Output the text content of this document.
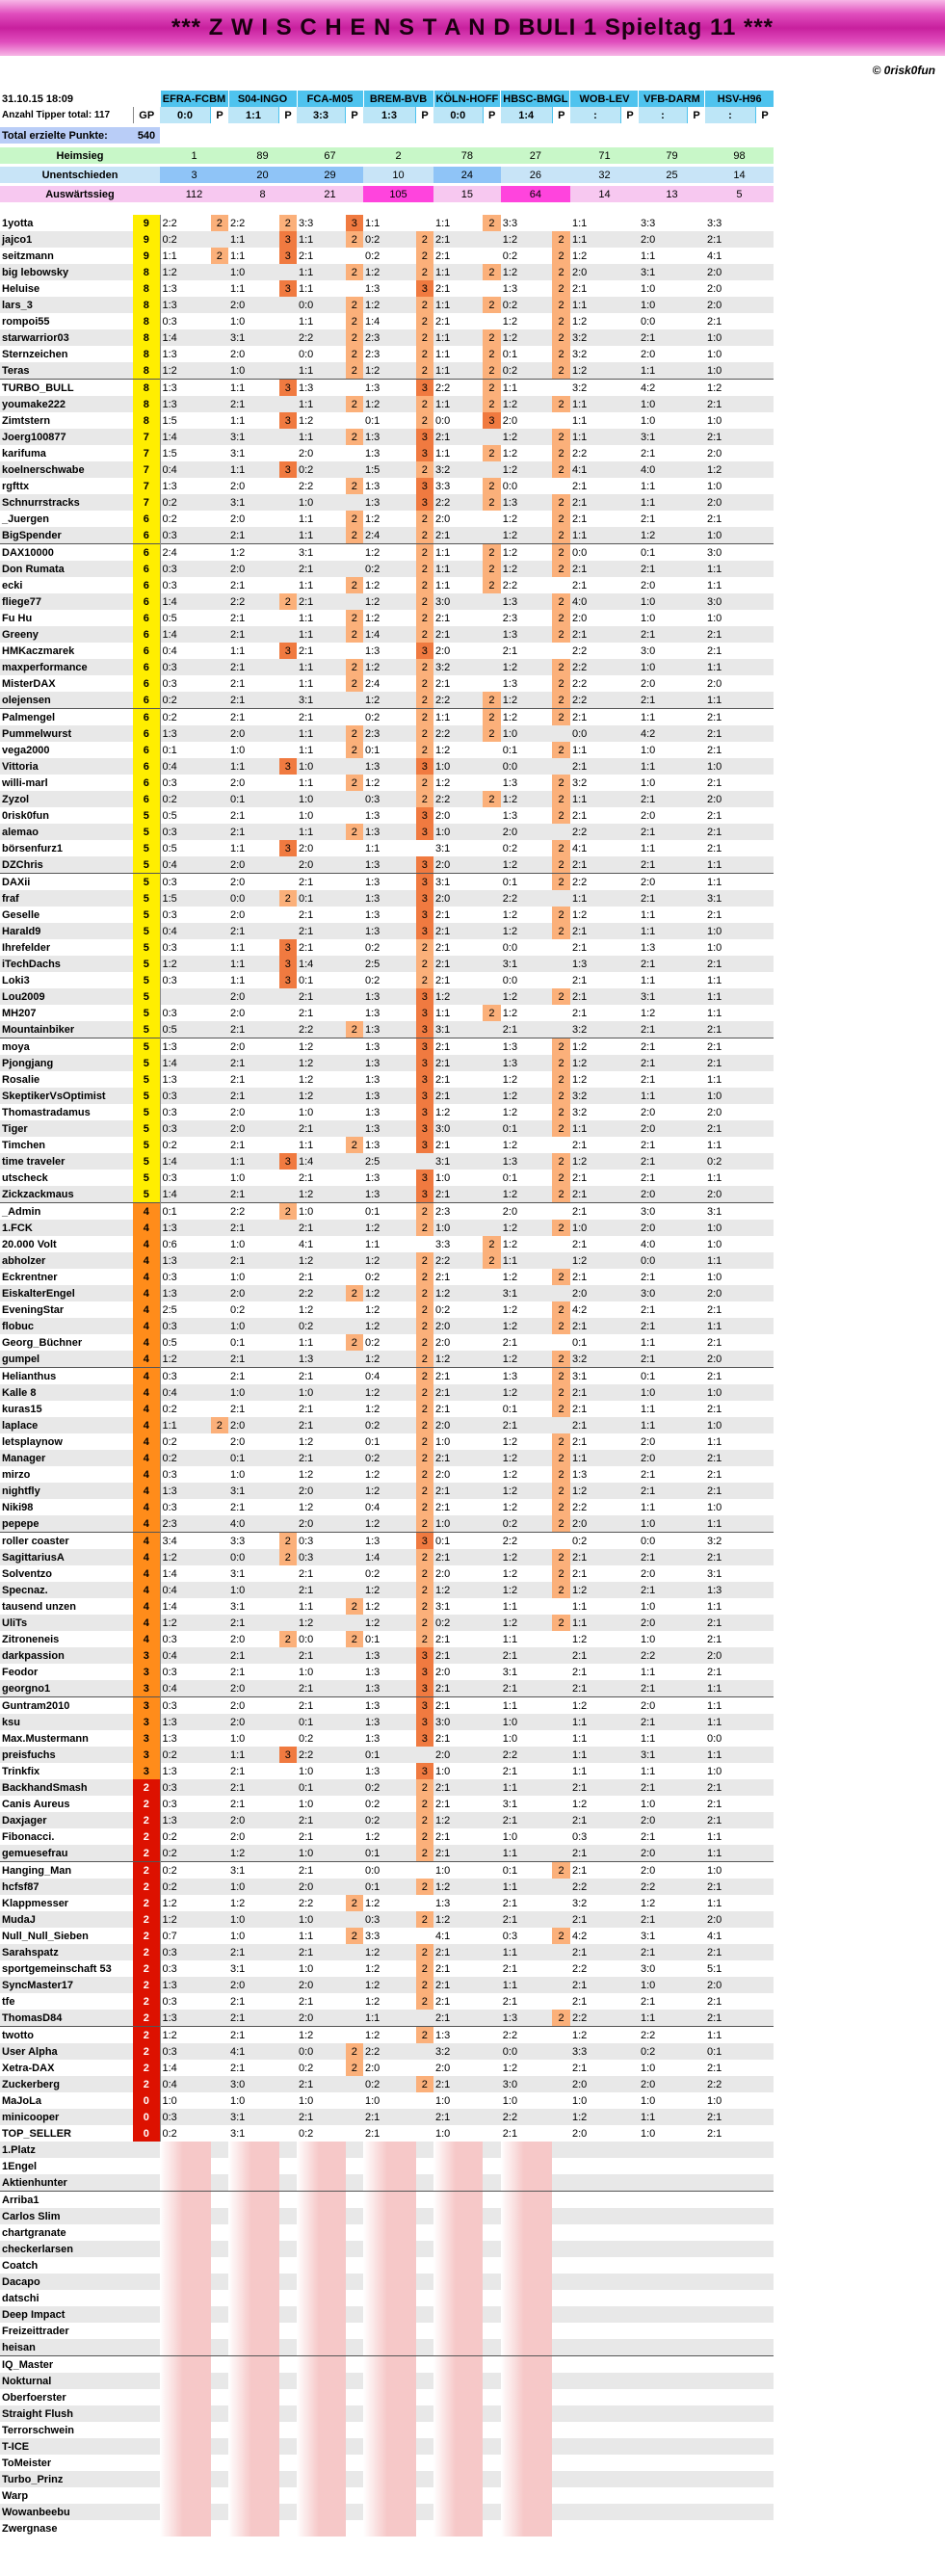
*** Z W I S C H E N S T A N D BULI 1 Spieltag 11 ***
© 0risk0fun
31.10.15 18:09		EFRA-FCBM		S04-INGO		FCA-M05		BREM-BVB		KÖLN-HOFF		HBSC-BMGL		WOB-LEV		VFB-DARM		HSV-H96	
Anzahl Tipper total: 117	GP	0:0	P	1:1	P	3:3	P	1:3	P	0:0	P	1:4	P	:	P	:	P	:	P

Total erzielte Punkte:	540																		

Heimsieg		1		89		67		2		78		27		71		79		98	

Unentschieden		3		20		29		10		24		26		32		25		14	

Auswärtssieg		112		8		21		105		15		64		14		13		5	

1yotta	9	2:2	2	2:2	2	3:3	3	1:1		1:1	2	3:3		1:1		3:3		3:3	
jajco1	9	0:2		1:1	3	1:1	2	0:2	2	2:1		1:2	2	1:1		2:0		2:1	
seitzmann	9	1:1	2	1:1	3	2:1		0:2	2	2:1		0:2	2	1:2		1:1		4:1	
big lebowsky	8	1:2		1:0		1:1	2	1:2	2	1:1	2	1:2	2	2:0		3:1		2:0	
Heluise	8	1:3		1:1	3	1:1		1:3	3	2:1		1:3	2	2:1		1:0		2:0	
lars_3	8	1:3		2:0		0:0	2	1:2	2	1:1	2	0:2	2	1:1		1:0		2:0	
rompoi55	8	0:3		1:0		1:1	2	1:4	2	2:1		1:2	2	1:2		0:0		2:1	
starwarrior03	8	1:4		3:1		2:2	2	2:3	2	1:1	2	1:2	2	3:2		2:1		1:0	
Sternzeichen	8	1:3		2:0		0:0	2	2:3	2	1:1	2	0:1	2	3:2		2:0		1:0	
Teras	8	1:2		1:0		1:1	2	1:2	2	1:1	2	0:2	2	1:2		1:1		1:0	
TURBO_BULL	8	1:3		1:1	3	1:3		1:3	3	2:2	2	1:1		3:2		4:2		1:2	
youmake222	8	1:3		2:1		1:1	2	1:2	2	1:1	2	1:2	2	1:1		1:0		2:1	
Zimtstern	8	1:5		1:1	3	1:2		0:1	2	0:0	3	2:0		1:1		1:0		1:0	
Joerg100877	7	1:4		3:1		1:1	2	1:3	3	2:1		1:2	2	1:1		3:1		2:1	
karifuma	7	1:5		3:1		2:0		1:3	3	1:1	2	1:2	2	2:2		2:1		2:0	
koelnerschwabe	7	0:4		1:1	3	0:2		1:5	2	3:2		1:2	2	4:1		4:0		1:2	
rgfttx	7	1:3		2:0		2:2	2	1:3	3	3:3	2	0:0		2:1		1:1		1:0	
Schnurrstracks	7	0:2		3:1		1:0		1:3	3	2:2	2	1:3	2	2:1		1:1		2:0	
_Juergen	6	0:2		2:0		1:1	2	1:2	2	2:0		1:2	2	2:1		2:1		2:1	
BigSpender	6	0:3		2:1		1:1	2	2:4	2	2:1		1:2	2	1:1		1:2		1:0	
DAX10000	6	2:4		1:2		3:1		1:2	2	1:1	2	1:2	2	0:0		0:1		3:0	
Don Rumata	6	0:3		2:0		2:1		0:2	2	1:1	2	1:2	2	2:1		2:1		1:1	
ecki	6	0:3		2:1		1:1	2	1:2	2	1:1	2	2:2		2:1		2:0		1:1	
fliege77	6	1:4		2:2	2	2:1		1:2	2	3:0		1:3	2	4:0		1:0		3:0	
Fu Hu	6	0:5		2:1		1:1	2	1:2	2	2:1		2:3	2	2:0		1:0		1:0	
Greeny	6	1:4		2:1		1:1	2	1:4	2	2:1		1:3	2	2:1		2:1		2:1	
HMKaczmarek	6	0:4		1:1	3	2:1		1:3	3	2:0		2:1		2:2		3:0		2:1	
maxperformance	6	0:3		2:1		1:1	2	1:2	2	3:2		1:2	2	2:2		1:0		1:1	
MisterDAX	6	0:3		2:1		1:1	2	2:4	2	2:1		1:3	2	2:2		2:0		2:0	
olejensen	6	0:2		2:1		3:1		1:2	2	2:2	2	1:2	2	2:2		2:1		1:1	
Palmengel	6	0:2		2:1		2:1		0:2	2	1:1	2	1:2	2	2:1		1:1		2:1	
Pummelwurst	6	1:3		2:0		1:1	2	2:3	2	2:2	2	1:0		0:0		4:2		2:1	
vega2000	6	0:1		1:0		1:1	2	0:1	2	1:2		0:1	2	1:1		1:0		2:1	
Vittoria	6	0:4		1:1	3	1:0		1:3	3	1:0		0:0		2:1		1:1		1:0	
willi-marl	6	0:3		2:0		1:1	2	1:2	2	1:2		1:3	2	3:2		1:0		2:1	
Zyzol	6	0:2		0:1		1:0		0:3	2	2:2	2	1:2	2	1:1		2:1		2:0	
0risk0fun	5	0:5		2:1		1:0		1:3	3	2:0		1:3	2	2:1		2:0		2:1	
alemao	5	0:3		2:1		1:1	2	1:3	3	1:0		2:0		2:2		2:1		2:1	
börsenfurz1	5	0:5		1:1	3	2:0		1:1		3:1		0:2	2	4:1		1:1		2:1	
DZChris	5	0:4		2:0		2:0		1:3	3	2:0		1:2	2	2:1		2:1		1:1	
DAXii	5	0:3		2:0		2:1		1:3	3	3:1		0:1	2	2:2		2:0		1:1	
fraf	5	1:5		0:0	2	0:1		1:3	3	2:0		2:2		1:1		2:1		3:1	
Geselle	5	0:3		2:0		2:1		1:3	3	2:1		1:2	2	1:2		1:1		2:1	
Harald9	5	0:4		2:1		2:1		1:3	3	2:1		1:2	2	2:1		1:1		1:0	
Ihrefelder	5	0:3		1:1	3	2:1		0:2	2	2:1		0:0		2:1		1:3		1:0	
iTechDachs	5	1:2		1:1	3	1:4		2:5	2	2:1		3:1		1:3		2:1		2:1	
Loki3	5	0:3		1:1	3	0:1		0:2	2	2:1		0:0		2:1		1:1		1:1	
Lou2009	5			2:0		2:1		1:3	3	1:2		1:2	2	2:1		3:1		1:1	
MH207	5	0:3		2:0		2:1		1:3	3	1:1	2	1:2		2:1		1:2		1:1	
Mountainbiker	5	0:5		2:1		2:2	2	1:3	3	3:1		2:1		3:2		2:1		2:1	
moya	5	1:3		2:0		1:2		1:3	3	2:1		1:3	2	1:2		2:1		2:1	
Pjongjang	5	1:4		2:1		1:2		1:3	3	2:1		1:3	2	1:2		2:1		2:1	
Rosalie	5	1:3		2:1		1:2		1:3	3	2:1		1:2	2	1:2		2:1		1:1	
SkeptikerVsOptimist	5	0:3		2:1		1:2		1:3	3	2:1		1:2	2	3:2		1:1		1:0	
Thomastradamus	5	0:3		2:0		1:0		1:3	3	1:2		1:2	2	3:2		2:0		2:0	
Tiger	5	0:3		2:0		2:1		1:3	3	3:0		0:1	2	1:1		2:0		2:1	
Timchen	5	0:2		2:1		1:1	2	1:3	3	2:1		1:2		2:1		2:1		1:1	
time traveler	5	1:4		1:1	3	1:4		2:5		3:1		1:3	2	1:2		2:1		0:2	
utscheck	5	0:3		1:0		2:1		1:3	3	1:0		0:1	2	2:1		2:1		1:1	
Zickzackmaus	5	1:4		2:1		1:2		1:3	3	2:1		1:2	2	2:1		2:0		2:0	
_Admin	4	0:1		2:2	2	1:0		0:1	2	2:3		2:0		2:1		3:0		3:1	
1.FCK	4	1:3		2:1		2:1		1:2	2	1:0		1:2	2	1:0		2:0		1:0	
20.000 Volt	4	0:6		1:0		4:1		1:1		3:3	2	1:2		2:1		4:0		1:0	
abholzer	4	1:3		2:1		1:2		1:2	2	2:2	2	1:1		1:2		0:0		1:1	
Eckrentner	4	0:3		1:0		2:1		0:2	2	2:1		1:2	2	2:1		2:1		1:0	
EiskalterEngel	4	1:3		2:0		2:2	2	1:2	2	1:2		3:1		2:0		3:0		2:0	
EveningStar	4	2:5		0:2		1:2		1:2	2	0:2		1:2	2	4:2		2:1		2:1	
flobuc	4	0:3		1:0		0:2		1:2	2	2:0		1:2	2	2:1		2:1		1:1	
Georg_Büchner	4	0:5		0:1		1:1	2	0:2	2	2:0		2:1		0:1		1:1		2:1	
gumpel	4	1:2		2:1		1:3		1:2	2	1:2		1:2	2	3:2		2:1		2:0	
Helianthus	4	0:3		2:1		2:1		0:4	2	2:1		1:3	2	3:1		0:1		2:1	
Kalle 8	4	0:4		1:0		1:0		1:2	2	2:1		1:2	2	2:1		1:0		1:0	
kuras15	4	0:2		2:1		2:1		1:2	2	2:1		0:1	2	2:1		1:1		2:1	
laplace	4	1:1	2	2:0		2:1		0:2	2	2:0		2:1		2:1		1:1		1:0	
letsplaynow	4	0:2		2:0		1:2		0:1	2	1:0		1:2	2	2:1		2:0		1:1	
Manager	4	0:2		0:1		2:1		0:2	2	2:1		1:2	2	1:1		2:0		2:1	
mirzo	4	0:3		1:0		1:2		1:2	2	2:0		1:2	2	1:3		2:1		2:1	
nightfly	4	1:3		3:1		2:0		1:2	2	2:1		1:2	2	1:2		2:1		2:1	
Niki98	4	0:3		2:1		1:2		0:4	2	2:1		1:2	2	2:2		1:1		1:0	
pepepe	4	2:3		4:0		2:0		1:2	2	1:0		0:2	2	2:0		1:0		1:1	
roller coaster	4	3:4		3:3	2	0:3		1:3	3	0:1		2:2		0:2		0:0		3:2	
SagittariusA	4	1:2		0:0	2	0:3		1:4	2	2:1		1:2	2	2:1		2:1		2:1	
Solventzo	4	1:4		3:1		2:1		0:2	2	2:0		1:2	2	2:1		2:0		3:1	
Specnaz.	4	0:4		1:0		2:1		1:2	2	1:2		1:2	2	1:2		2:1		1:3	
tausend unzen	4	1:4		3:1		1:1	2	1:2	2	3:1		1:1		1:1		1:0		1:1	
UliTs	4	1:2		2:1		1:2		1:2	2	0:2		1:2	2	1:1		2:0		2:1	
Zitroneneis	4	0:3		2:0	2	0:0	2	0:1	2	2:1		1:1		1:2		1:0		2:1	
darkpassion	3	0:4		2:1		2:1		1:3	3	2:1		2:1		2:1		2:2		2:0	
Feodor	3	0:3		2:1		1:0		1:3	3	2:0		3:1		2:1		1:1		2:1	
georgno1	3	0:4		2:0		2:1		1:3	3	2:1		2:1		2:1		2:1		1:1	
Guntram2010	3	0:3		2:0		2:1		1:3	3	2:1		1:1		1:2		2:0		1:1	
ksu	3	1:3		2:0		0:1		1:3	3	3:0		1:0		1:1		2:1		1:1	
Max.Mustermann	3	1:3		1:0		0:2		1:3	3	2:1		1:0		1:1		1:1		0:0	
preisfuchs	3	0:2		1:1	3	2:2		0:1		2:0		2:2		1:1		3:1		1:1	
Trinkfix	3	1:3		2:1		1:0		1:3	3	1:0		2:1		1:1		1:1		1:0	
BackhandSmash	2	0:3		2:1		0:1		0:2	2	2:1		1:1		2:1		2:1		2:1	
Canis Aureus	2	0:3		2:1		1:0		0:2	2	2:1		3:1		1:2		1:0		2:1	
Daxjager	2	1:3		2:0		2:1		0:2	2	1:2		2:1		2:1		2:0		2:1	
Fibonacci.	2	0:2		2:0		2:1		1:2	2	2:1		1:0		0:3		2:1		1:1	
gemuesefrau	2	0:2		1:2		1:0		0:1	2	2:1		1:1		2:1		2:0		1:1	
Hanging_Man	2	0:2		3:1		2:1		0:0		1:0		0:1	2	2:1		2:0		1:0	
hcfsf87	2	0:2		1:0		2:0		0:1	2	1:2		1:1		2:2		2:2		2:1	
Klappmesser	2	1:2		1:2		2:2	2	1:2		1:3		2:1		3:2		1:2		1:1	
MudaJ	2	1:2		1:0		1:0		0:3	2	1:2		2:1		2:1		2:1		2:0	
Null_Null_Sieben	2	0:7		1:0		1:1	2	3:3		4:1		0:3	2	4:2		3:1		4:1	
Sarahspatz	2	0:3		2:1		2:1		1:2	2	2:1		1:1		2:1		2:1		2:1	
sportgemeinschaft 53	2	0:3		3:1		1:0		1:2	2	2:1		2:1		2:2		3:0		5:1	
SyncMaster17	2	1:3		2:0		2:0		1:2	2	2:1		1:1		2:1		1:0		2:0	
tfe	2	0:3		2:1		2:1		1:2	2	2:1		2:1		2:1		2:1		2:1	
ThomasD84	2	1:3		2:1		2:0		1:1		2:1		1:3	2	2:2		1:1		2:1	
twotto	2	1:2		2:1		1:2		1:2	2	1:3		2:2		1:2		2:2		1:1	
User Alpha	2	0:3		4:1		0:0	2	2:2		3:2		0:0		3:3		0:2		0:1	
Xetra-DAX	2	1:4		2:1		0:2	2	2:0		2:0		1:2		2:1		1:0		2:1	
Zuckerberg	2	0:4		3:0		2:1		0:2	2	2:1		3:0		2:0		2:0		2:2	
MaJoLa	0	1:0		1:0		1:0		1:0		1:0		1:0		1:0		1:0		1:0	
minicooper	0	0:3		3:1		2:1		2:1		2:1		2:2		1:2		1:1		2:1	
TOP_SELLER	0	0:2		3:1		0:2		2:1		1:0		2:1		2:0		1:0		2:1	
1.Platz																			
1Engel																			
Aktienhunter																			
Arriba1																			
Carlos Slim																			
chartgranate																			
checkerlarsen																			
Coatch																			
Dacapo																			
datschi																			
Deep Impact																			
Freizeittrader																			
heisan																			
IQ_Master																			
Nokturnal																			
Oberfoerster																			
Straight Flush																			
Terrorschwein																			
T-ICE																			
ToMeister																			
Turbo_Prinz																			
Warp																			
Wowanbeebu																			
Zwergnase																			
